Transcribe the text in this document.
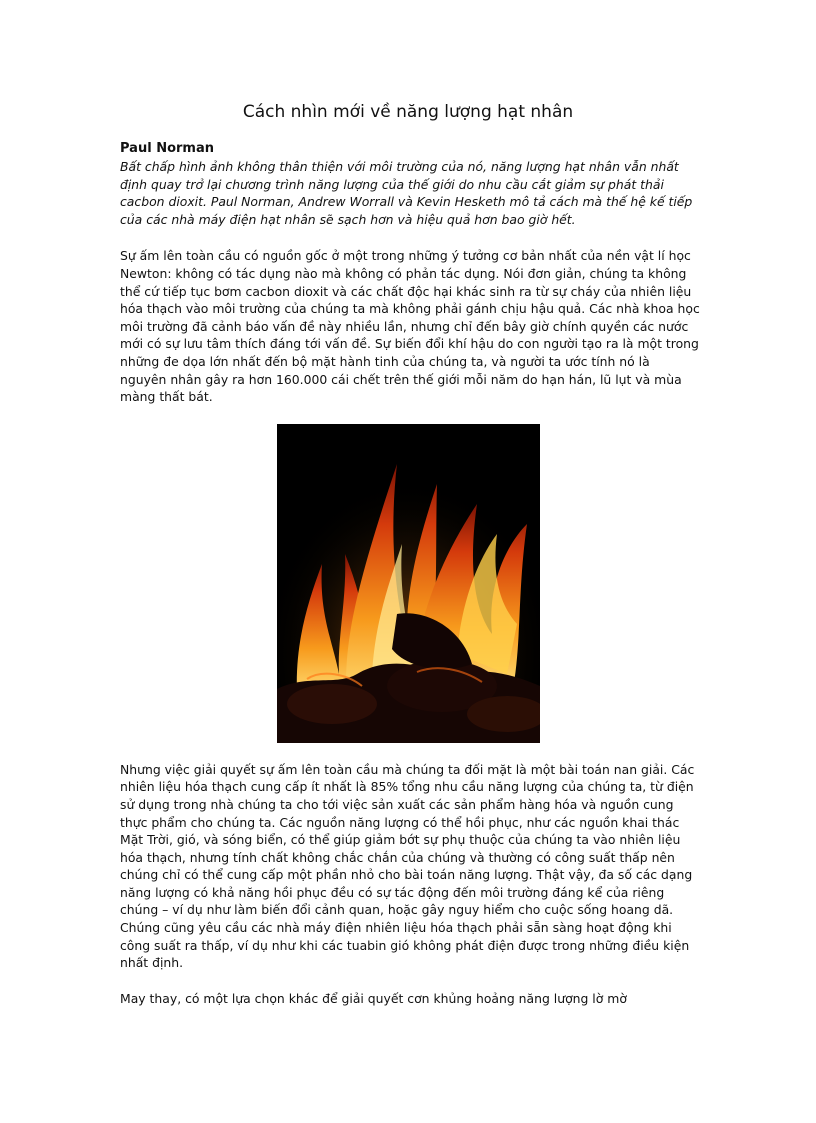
Cách nhìn mới về năng lượng hạt nhân

Paul Norman

Bất chấp hình ảnh không thân thiện với môi trường của nó, năng lượng hạt nhân vẫn nhất định quay trở lại chương trình năng lượng của thế giới do nhu cầu cắt giảm sự phát thải cacbon dioxit. Paul Norman, Andrew Worrall và Kevin Hesketh mô tả cách mà thế hệ kế tiếp của các nhà máy điện hạt nhân sẽ sạch hơn và hiệu quả hơn bao giờ hết.

Sự ấm lên toàn cầu có nguồn gốc ở một trong những ý tưởng cơ bản nhất của nền vật lí học Newton: không có tác dụng nào mà không có phản tác dụng. Nói đơn giản, chúng ta không thể cứ tiếp tục bơm cacbon dioxit và các chất độc hại khác sinh ra từ sự cháy của nhiên liệu hóa thạch vào môi trường của chúng ta mà không phải gánh chịu hậu quả. Các nhà khoa học môi trường đã cảnh báo vấn đề này nhiều lần, nhưng chỉ đến bây giờ chính quyền các nước mới có sự lưu tâm thích đáng tới vấn đề. Sự biến đổi khí hậu do con người tạo ra là một trong những đe dọa lớn nhất đến bộ mặt hành tinh của chúng ta, và người ta ước tính nó là nguyên nhân gây ra hơn 160.000 cái chết trên thế giới mỗi năm do hạn hán, lũ lụt và mùa màng thất bát.

Nhưng việc giải quyết sự ấm lên toàn cầu mà chúng ta đối mặt là một bài toán nan giải. Các nhiên liệu hóa thạch cung cấp ít nhất là 85% tổng nhu cầu năng lượng của chúng ta, từ điện sử dụng trong nhà chúng ta cho tới việc sản xuất các sản phẩm hàng hóa và nguồn cung thực phẩm cho chúng ta. Các nguồn năng lượng có thể hồi phục, như các nguồn khai thác Mặt Trời, gió, và sóng biển, có thể giúp giảm bớt sự phụ thuộc của chúng ta vào nhiên liệu hóa thạch, nhưng tính chất không chắc chắn của chúng và thường có công suất thấp nên chúng chỉ có thể cung cấp một phần nhỏ cho bài toán năng lượng. Thật vậy, đa số các dạng năng lượng có khả năng hồi phục đều có sự tác động đến môi trường đáng kể của riêng chúng – ví dụ như làm biến đổi cảnh quan, hoặc gây nguy hiểm cho cuộc sống hoang dã. Chúng cũng yêu cầu các nhà máy điện nhiên liệu hóa thạch phải sẵn sàng hoạt động khi công suất ra thấp, ví dụ như khi các tuabin gió không phát điện được trong những điều kiện nhất định.

May thay, có một lựa chọn khác để giải quyết cơn khủng hoảng năng lượng lờ mờ
